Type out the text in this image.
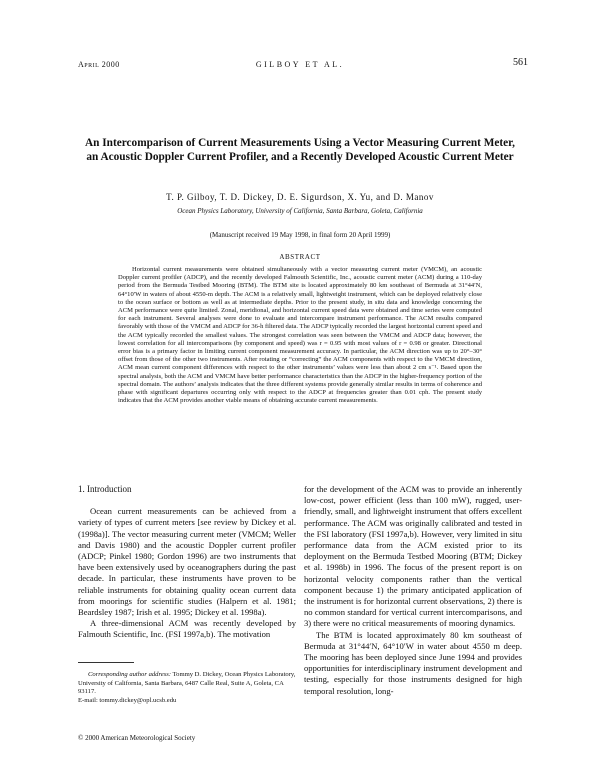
April 2000	GILBOY ET AL.	561
An Intercomparison of Current Measurements Using a Vector Measuring Current Meter, an Acoustic Doppler Current Profiler, and a Recently Developed Acoustic Current Meter
T. P. Gilboy, T. D. Dickey, D. E. Sigurdson, X. Yu, and D. Manov
Ocean Physics Laboratory, University of California, Santa Barbara, Goleta, California
(Manuscript received 19 May 1998, in final form 20 April 1999)
ABSTRACT
Horizontal current measurements were obtained simultaneously with a vector measuring current meter (VMCM), an acoustic Doppler current profiler (ADCP), and the recently developed Falmouth Scientific, Inc., acoustic current meter (ACM) during a 110-day period from the Bermuda Testbed Mooring (BTM). The BTM site is located approximately 80 km southeast of Bermuda at 31°44′N, 64°10′W in waters of about 4550-m depth. The ACM is a relatively small, lightweight instrument, which can be deployed relatively close to the ocean surface or bottom as well as at intermediate depths. Prior to the present study, in situ data and knowledge concerning the ACM performance were quite limited. Zonal, meridional, and horizontal current speed data were obtained and time series were computed for each instrument. Several analyses were done to evaluate and intercompare instrument performance. The ACM results compared favorably with those of the VMCM and ADCP for 36-h filtered data. The ADCP typically recorded the largest horizontal current speed and the ACM typically recorded the smallest values. The strongest correlation was seen between the VMCM and ADCP data; however, the lowest correlation for all intercomparisons (by component and speed) was r = 0.95 with most values of r = 0.98 or greater. Directional error bias is a primary factor in limiting current component measurement accuracy. In particular, the ACM direction was up to 20°–30° offset from those of the other two instruments. After rotating or “correcting” the ACM components with respect to the VMCM direction, ACM mean current component differences with respect to the other instruments’ values were less than about 2 cm s⁻¹. Based upon the spectral analysis, both the ACM and VMCM have better performance characteristics than the ADCP in the higher-frequency portion of the spectral domain. The authors’ analysis indicates that the three different systems provide generally similar results in terms of coherence and phase with significant departures occurring only with respect to the ADCP at frequencies greater than 0.01 cph. The present study indicates that the ACM provides another viable means of obtaining accurate current measurements.
1. Introduction

Ocean current measurements can be achieved from a variety of types of current meters [see review by Dickey et al. (1998a)]. The vector measuring current meter (VMCM; Weller and Davis 1980) and the acoustic Doppler current profiler (ADCP; Pinkel 1980; Gordon 1996) are two instruments that have been extensively used by oceanographers during the past decade. In particular, these instruments have proven to be reliable instruments for obtaining quality ocean current data from moorings for scientific studies (Halpern et al. 1981; Beardsley 1987; Irish et al. 1995; Dickey et al. 1998a).

A three-dimensional ACM was recently developed by Falmouth Scientific, Inc. (FSI 1997a,b). The motivation

for the development of the ACM was to provide an inherently low-cost, power efficient (less than 100 mW), rugged, user-friendly, small, and lightweight instrument that offers excellent performance. The ACM was originally calibrated and tested in the FSI laboratory (FSI 1997a,b). However, very limited in situ performance data from the ACM existed prior to its deployment on the Bermuda Testbed Mooring (BTM; Dickey et al. 1998b) in 1996. The focus of the present report is on horizontal velocity components rather than the vertical component because 1) the primary anticipated application of the instrument is for horizontal current observations, 2) there is no common standard for vertical current intercomparisons, and 3) there were no critical measurements of mooring dynamics.

The BTM is located approximately 80 km southeast of Bermuda at 31°44′N, 64°10′W in water about 4550 m deep. The mooring has been deployed since June 1994 and provides opportunities for interdisciplinary instrument development and testing, especially for those instruments designed for high temporal resolution, long-

Corresponding author address: Tommy D. Dickey, Ocean Physics Laboratory, University of California, Santa Barbara, 6487 Calle Real, Suite A, Goleta, CA 93117.

E-mail: tommy.dickey@opl.ucsb.edu

© 2000 American Meteorological Society
